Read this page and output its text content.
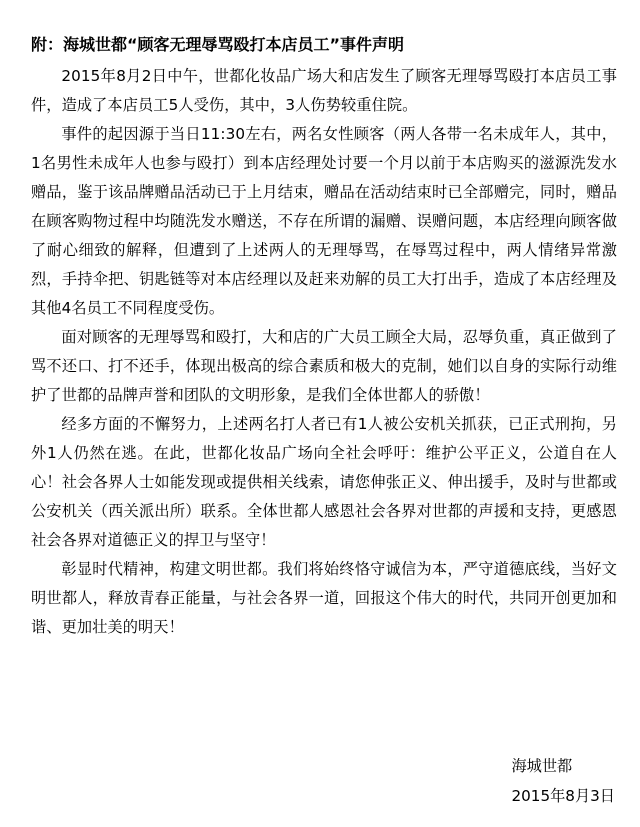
附：海城世都“顾客无理辱骂殴打本店员工”事件声明

2015年8月2日中午，世都化妆品广场大和店发生了顾客无理辱骂殴打本店员工事件，造成了本店员工5人受伤，其中，3人伤势较重住院。

事件的起因源于当日11:30左右，两名女性顾客（两人各带一名未成年人，其中，1名男性未成年人也参与殴打）到本店经理处讨要一个月以前于本店购买的滋源洗发水赠品，鉴于该品牌赠品活动已于上月结束，赠品在活动结束时已全部赠完，同时，赠品在顾客购物过程中均随洗发水赠送，不存在所谓的漏赠、误赠问题，本店经理向顾客做了耐心细致的解释，但遭到了上述两人的无理辱骂，在辱骂过程中，两人情绪异常激烈，手持伞把、钥匙链等对本店经理以及赶来劝解的员工大打出手，造成了本店经理及其他4名员工不同程度受伤。

面对顾客的无理辱骂和殴打，大和店的广大员工顾全大局，忍辱负重，真正做到了骂不还口、打不还手，体现出极高的综合素质和极大的克制，她们以自身的实际行动维护了世都的品牌声誉和团队的文明形象，是我们全体世都人的骄傲！

经多方面的不懈努力，上述两名打人者已有1人被公安机关抓获，已正式刑拘，另外1人仍然在逃。在此，世都化妆品广场向全社会呼吁：维护公平正义，公道自在人心！社会各界人士如能发现或提供相关线索，请您伸张正义、伸出援手，及时与世都或公安机关（西关派出所）联系。全体世都人感恩社会各界对世都的声援和支持，更感恩社会各界对道德正义的捍卫与坚守！

彰显时代精神，构建文明世都。我们将始终恪守诚信为本，严守道德底线，当好文明世都人，释放青春正能量，与社会各界一道，回报这个伟大的时代，共同开创更加和谐、更加壮美的明天！

海城世都
2015年8月3日
